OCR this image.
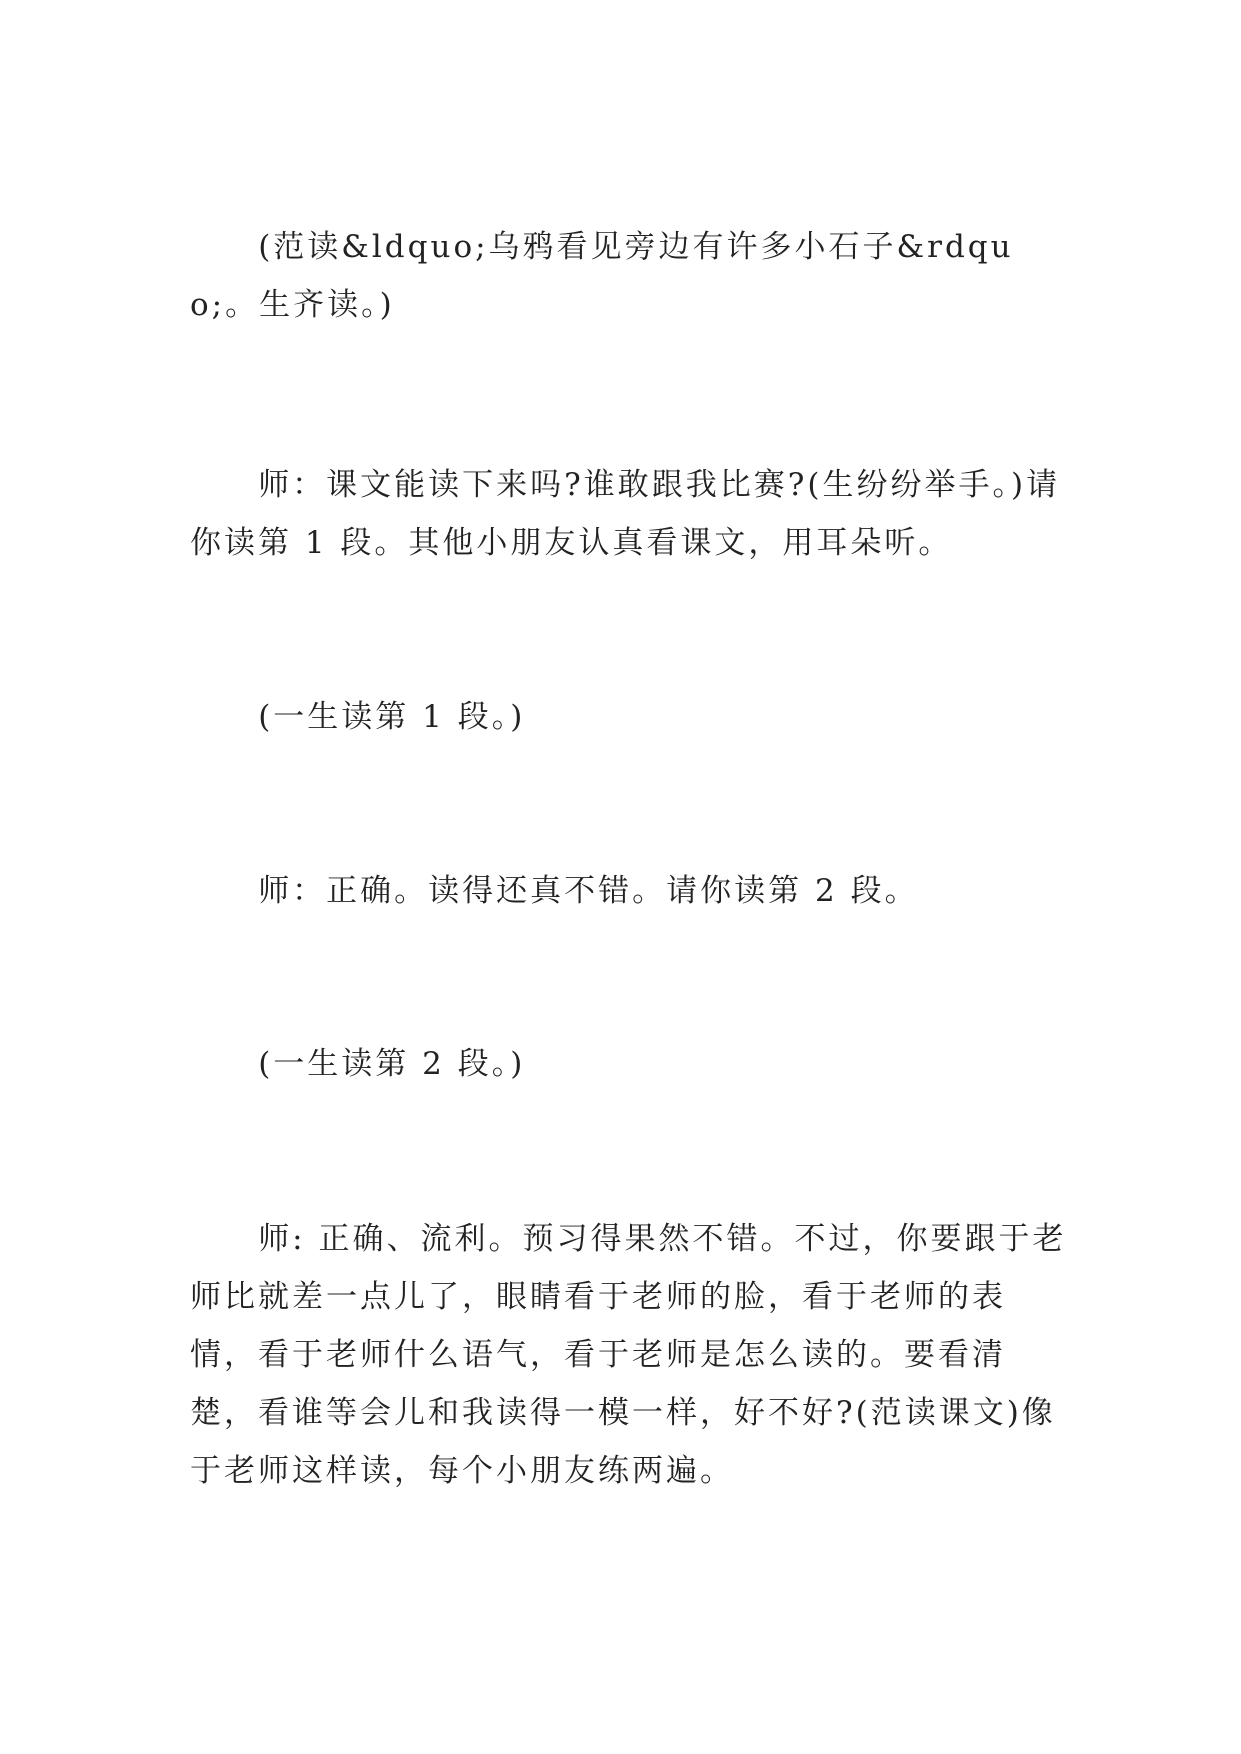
(范读&ldquo;乌鸦看见旁边有许多小石子&rdquo;。生齐读。)

师：课文能读下来吗?谁敢跟我比赛?(生纷纷举手。)请你读第 1 段。其他小朋友认真看课文，用耳朵听。

(一生读第 1 段。)

师：正确。读得还真不错。请你读第 2 段。

(一生读第 2 段。)

师: 正确、流利。预习得果然不错。不过，你要跟于老师比就差一点儿了，眼睛看于老师的脸，看于老师的表情，看于老师什么语气，看于老师是怎么读的。要看清楚，看谁等会儿和我读得一模一样，好不好?(范读课文)像于老师这样读，每个小朋友练两遍。
